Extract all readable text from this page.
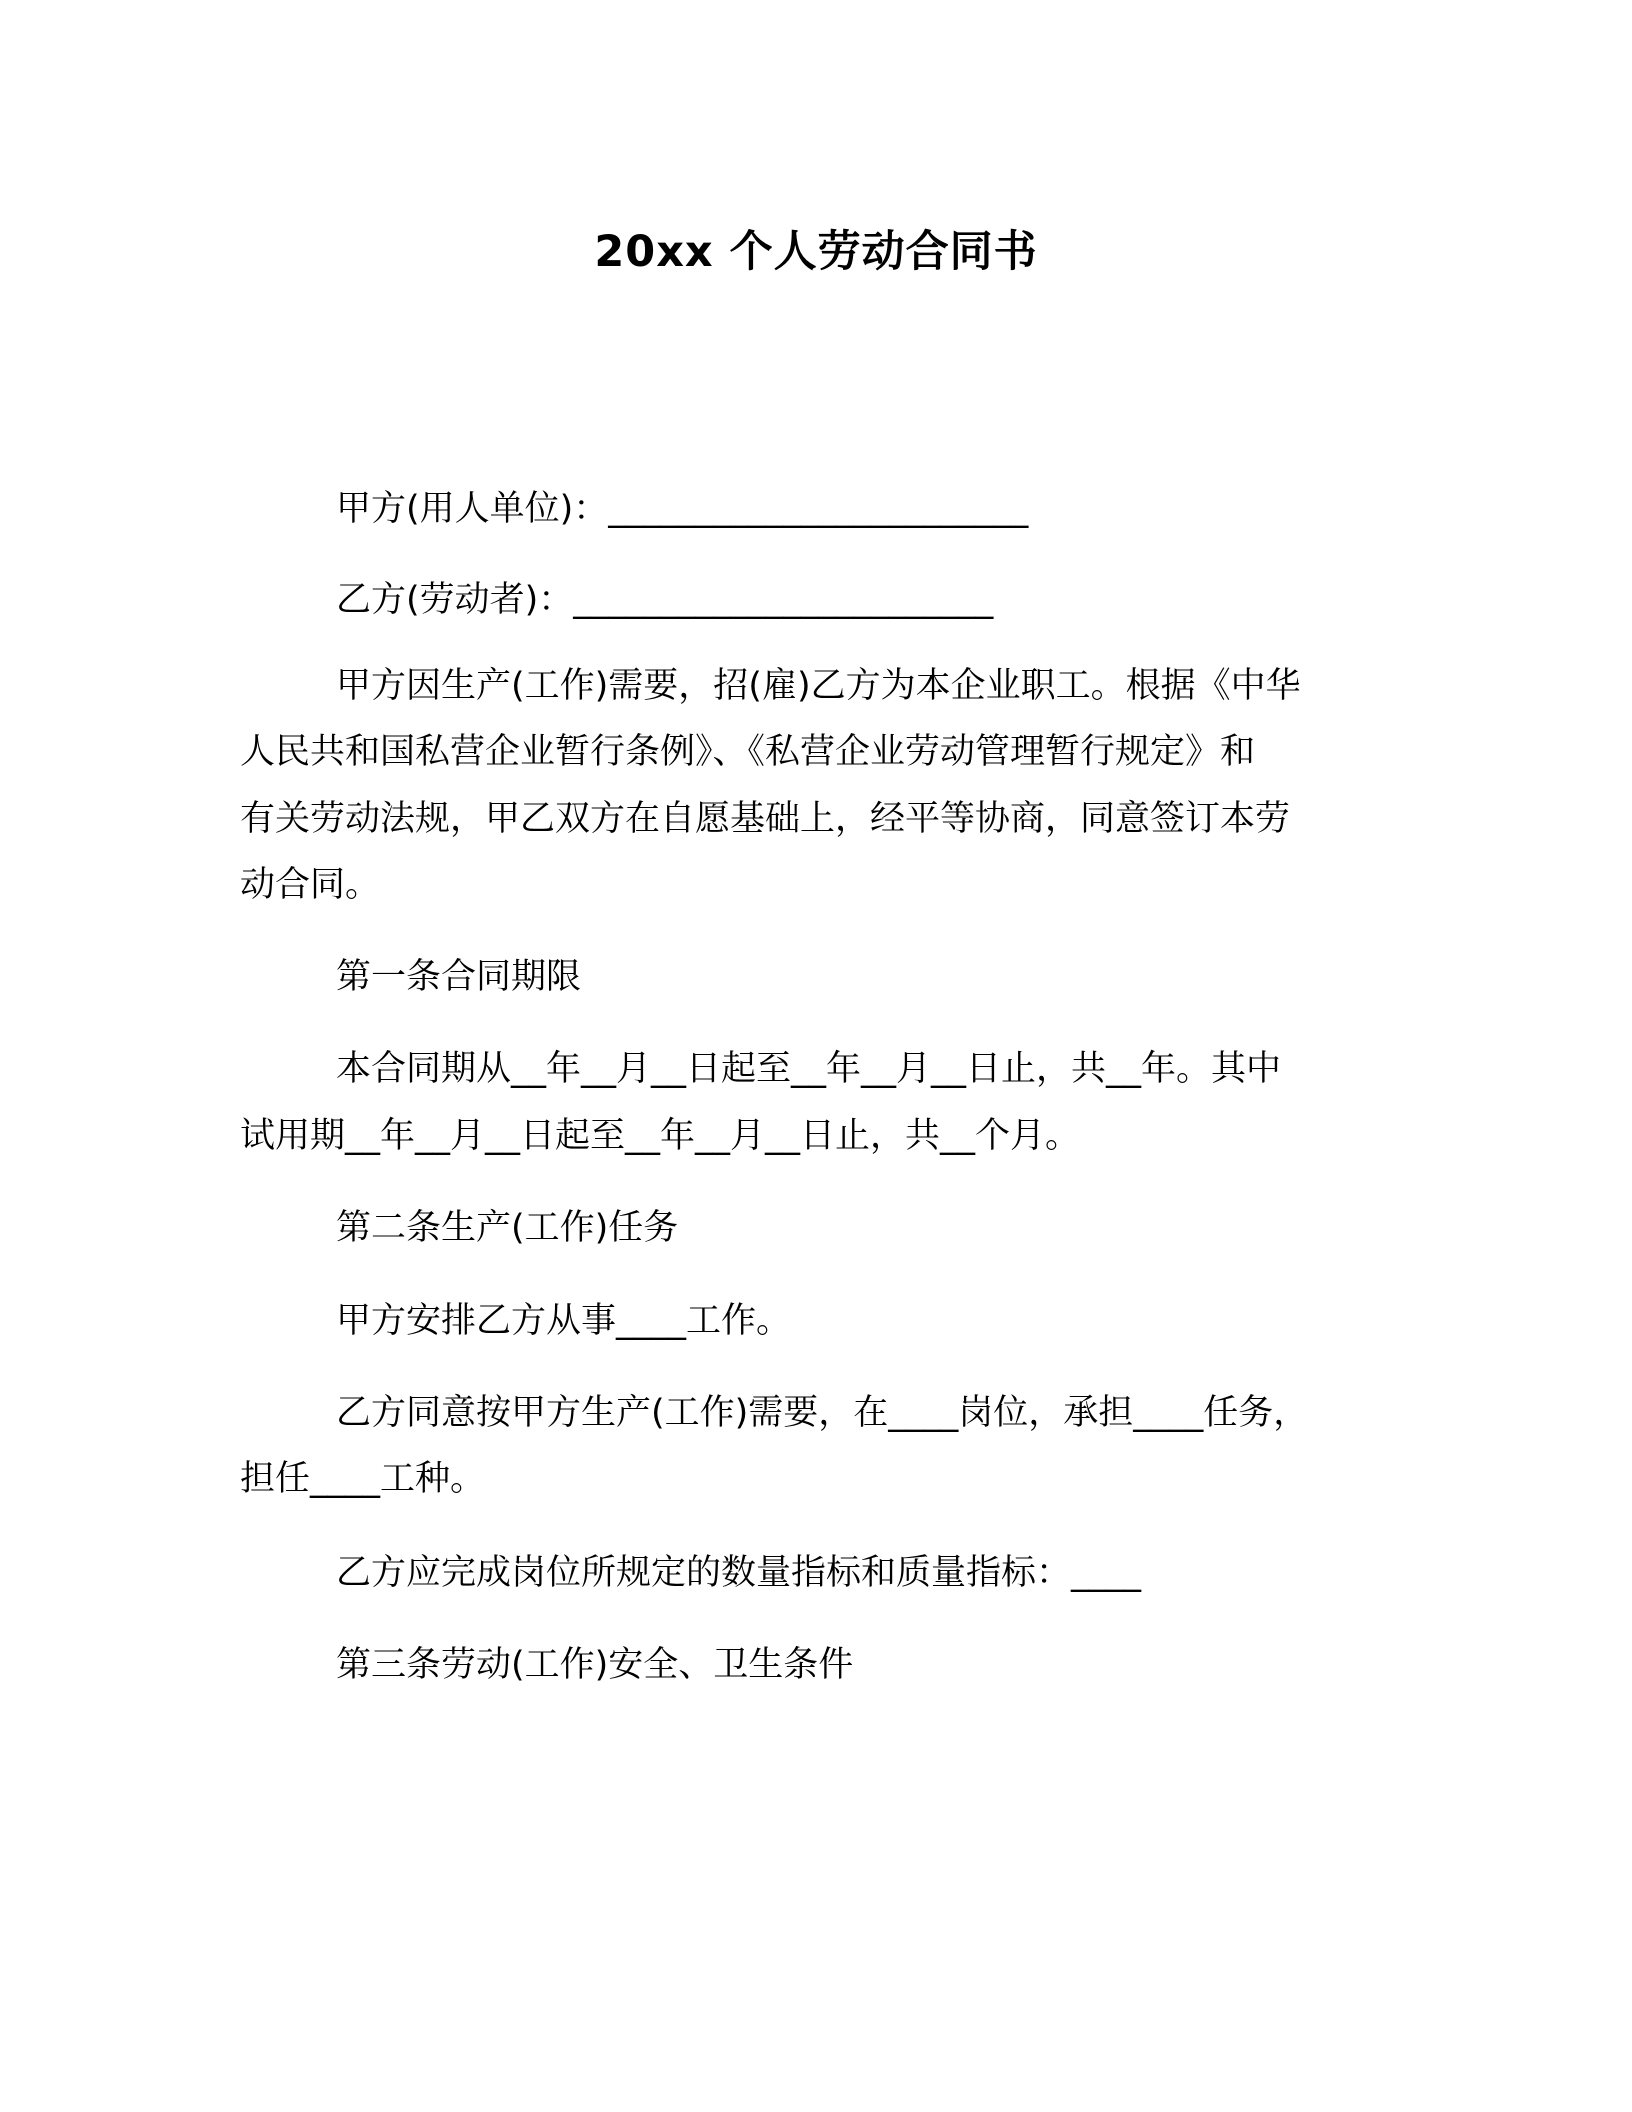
20xx 个人劳动合同书

甲方(用人单位)：________________________

乙方(劳动者)：________________________

甲方因生产(工作)需要，招(雇)乙方为本企业职工。根据《中华

人民共和国私营企业暂行条例》、《私营企业劳动管理暂行规定》和

有关劳动法规，甲乙双方在自愿基础上，经平等协商，同意签订本劳

动合同。

第一条合同期限

本合同期从__年__月__日起至__年__月__日止，共__年。其中

试用期__年__月__日起至__年__月__日止，共__个月。

第二条生产(工作)任务

甲方安排乙方从事____工作。

乙方同意按甲方生产(工作)需要，在____岗位，承担____任务，

担任____工种。

乙方应完成岗位所规定的数量指标和质量指标：____

第三条劳动(工作)安全、卫生条件
